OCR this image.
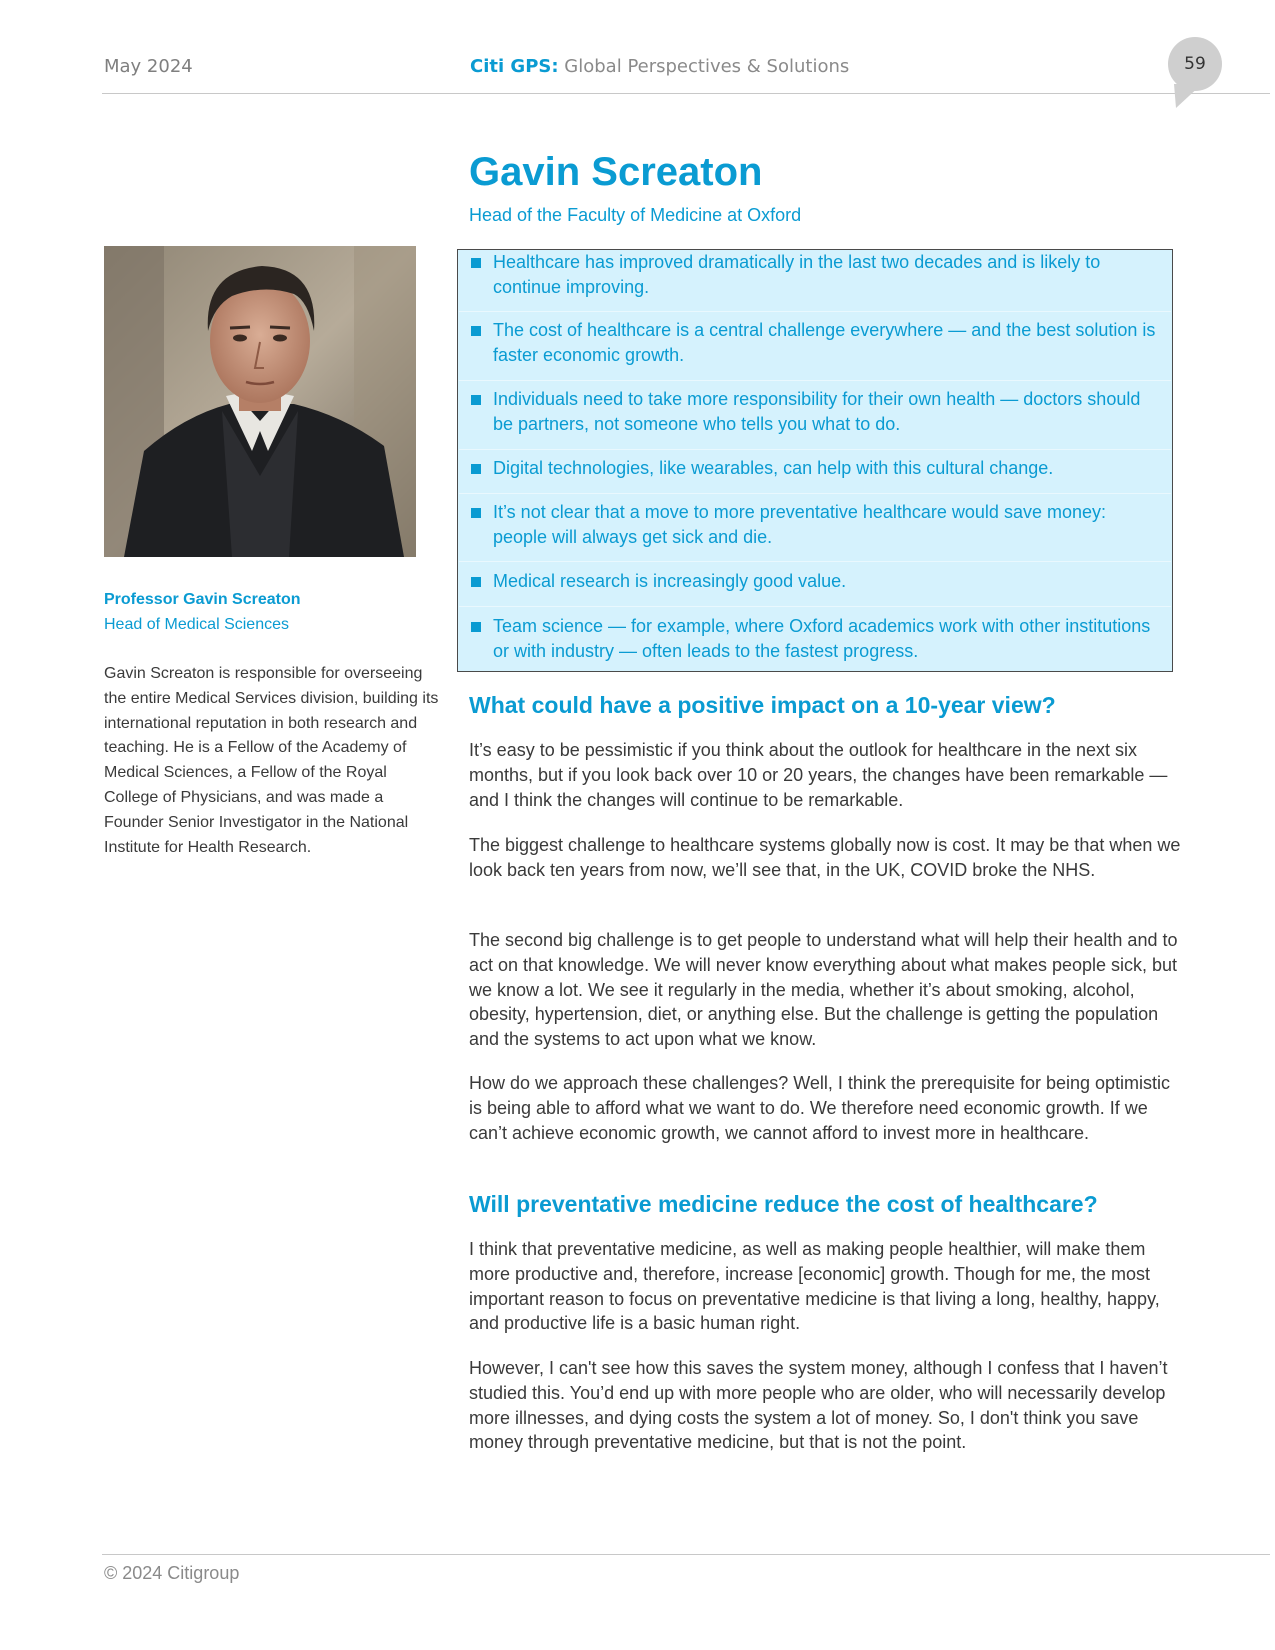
May 2024	Citi GPS: Global Perspectives & Solutions	59
Gavin Screaton
Head of the Faculty of Medicine at Oxford
Professor Gavin Screaton
Head of Medical Sciences

Gavin Screaton is responsible for overseeing the entire Medical Services division, building its international reputation in both research and teaching. He is a Fellow of the Academy of Medical Sciences, a Fellow of the Royal College of Physicians, and was made a Founder Senior Investigator in the National Institute for Health Research.

Healthcare has improved dramatically in the last two decades and is likely to continue improving.
The cost of healthcare is a central challenge everywhere — and the best solution is faster economic growth.
Individuals need to take more responsibility for their own health — doctors should be partners, not someone who tells you what to do.
Digital technologies, like wearables, can help with this cultural change.
It’s not clear that a move to more preventative healthcare would save money: people will always get sick and die.
Medical research is increasingly good value.
Team science — for example, where Oxford academics work with other institutions or with industry — often leads to the fastest progress.
What could have a positive impact on a 10-year view?

It’s easy to be pessimistic if you think about the outlook for healthcare in the next six months, but if you look back over 10 or 20 years, the changes have been remarkable — and I think the changes will continue to be remarkable.

The biggest challenge to healthcare systems globally now is cost. It may be that when we look back ten years from now, we’ll see that, in the UK, COVID broke the NHS.

The second big challenge is to get people to understand what will help their health and to act on that knowledge. We will never know everything about what makes people sick, but we know a lot. We see it regularly in the media, whether it’s about smoking, alcohol, obesity, hypertension, diet, or anything else. But the challenge is getting the population and the systems to act upon what we know.

How do we approach these challenges? Well, I think the prerequisite for being optimistic is being able to afford what we want to do. We therefore need economic growth. If we can’t achieve economic growth, we cannot afford to invest more in healthcare.

Will preventative medicine reduce the cost of healthcare?

I think that preventative medicine, as well as making people healthier, will make them more productive and, therefore, increase [economic] growth. Though for me, the most important reason to focus on preventative medicine is that living a long, healthy, happy, and productive life is a basic human right.

However, I can't see how this saves the system money, although I confess that I haven’t studied this. You’d end up with more people who are older, who will necessarily develop more illnesses, and dying costs the system a lot of money. So, I don't think you save money through preventative medicine, but that is not the point.

© 2024 Citigroup
